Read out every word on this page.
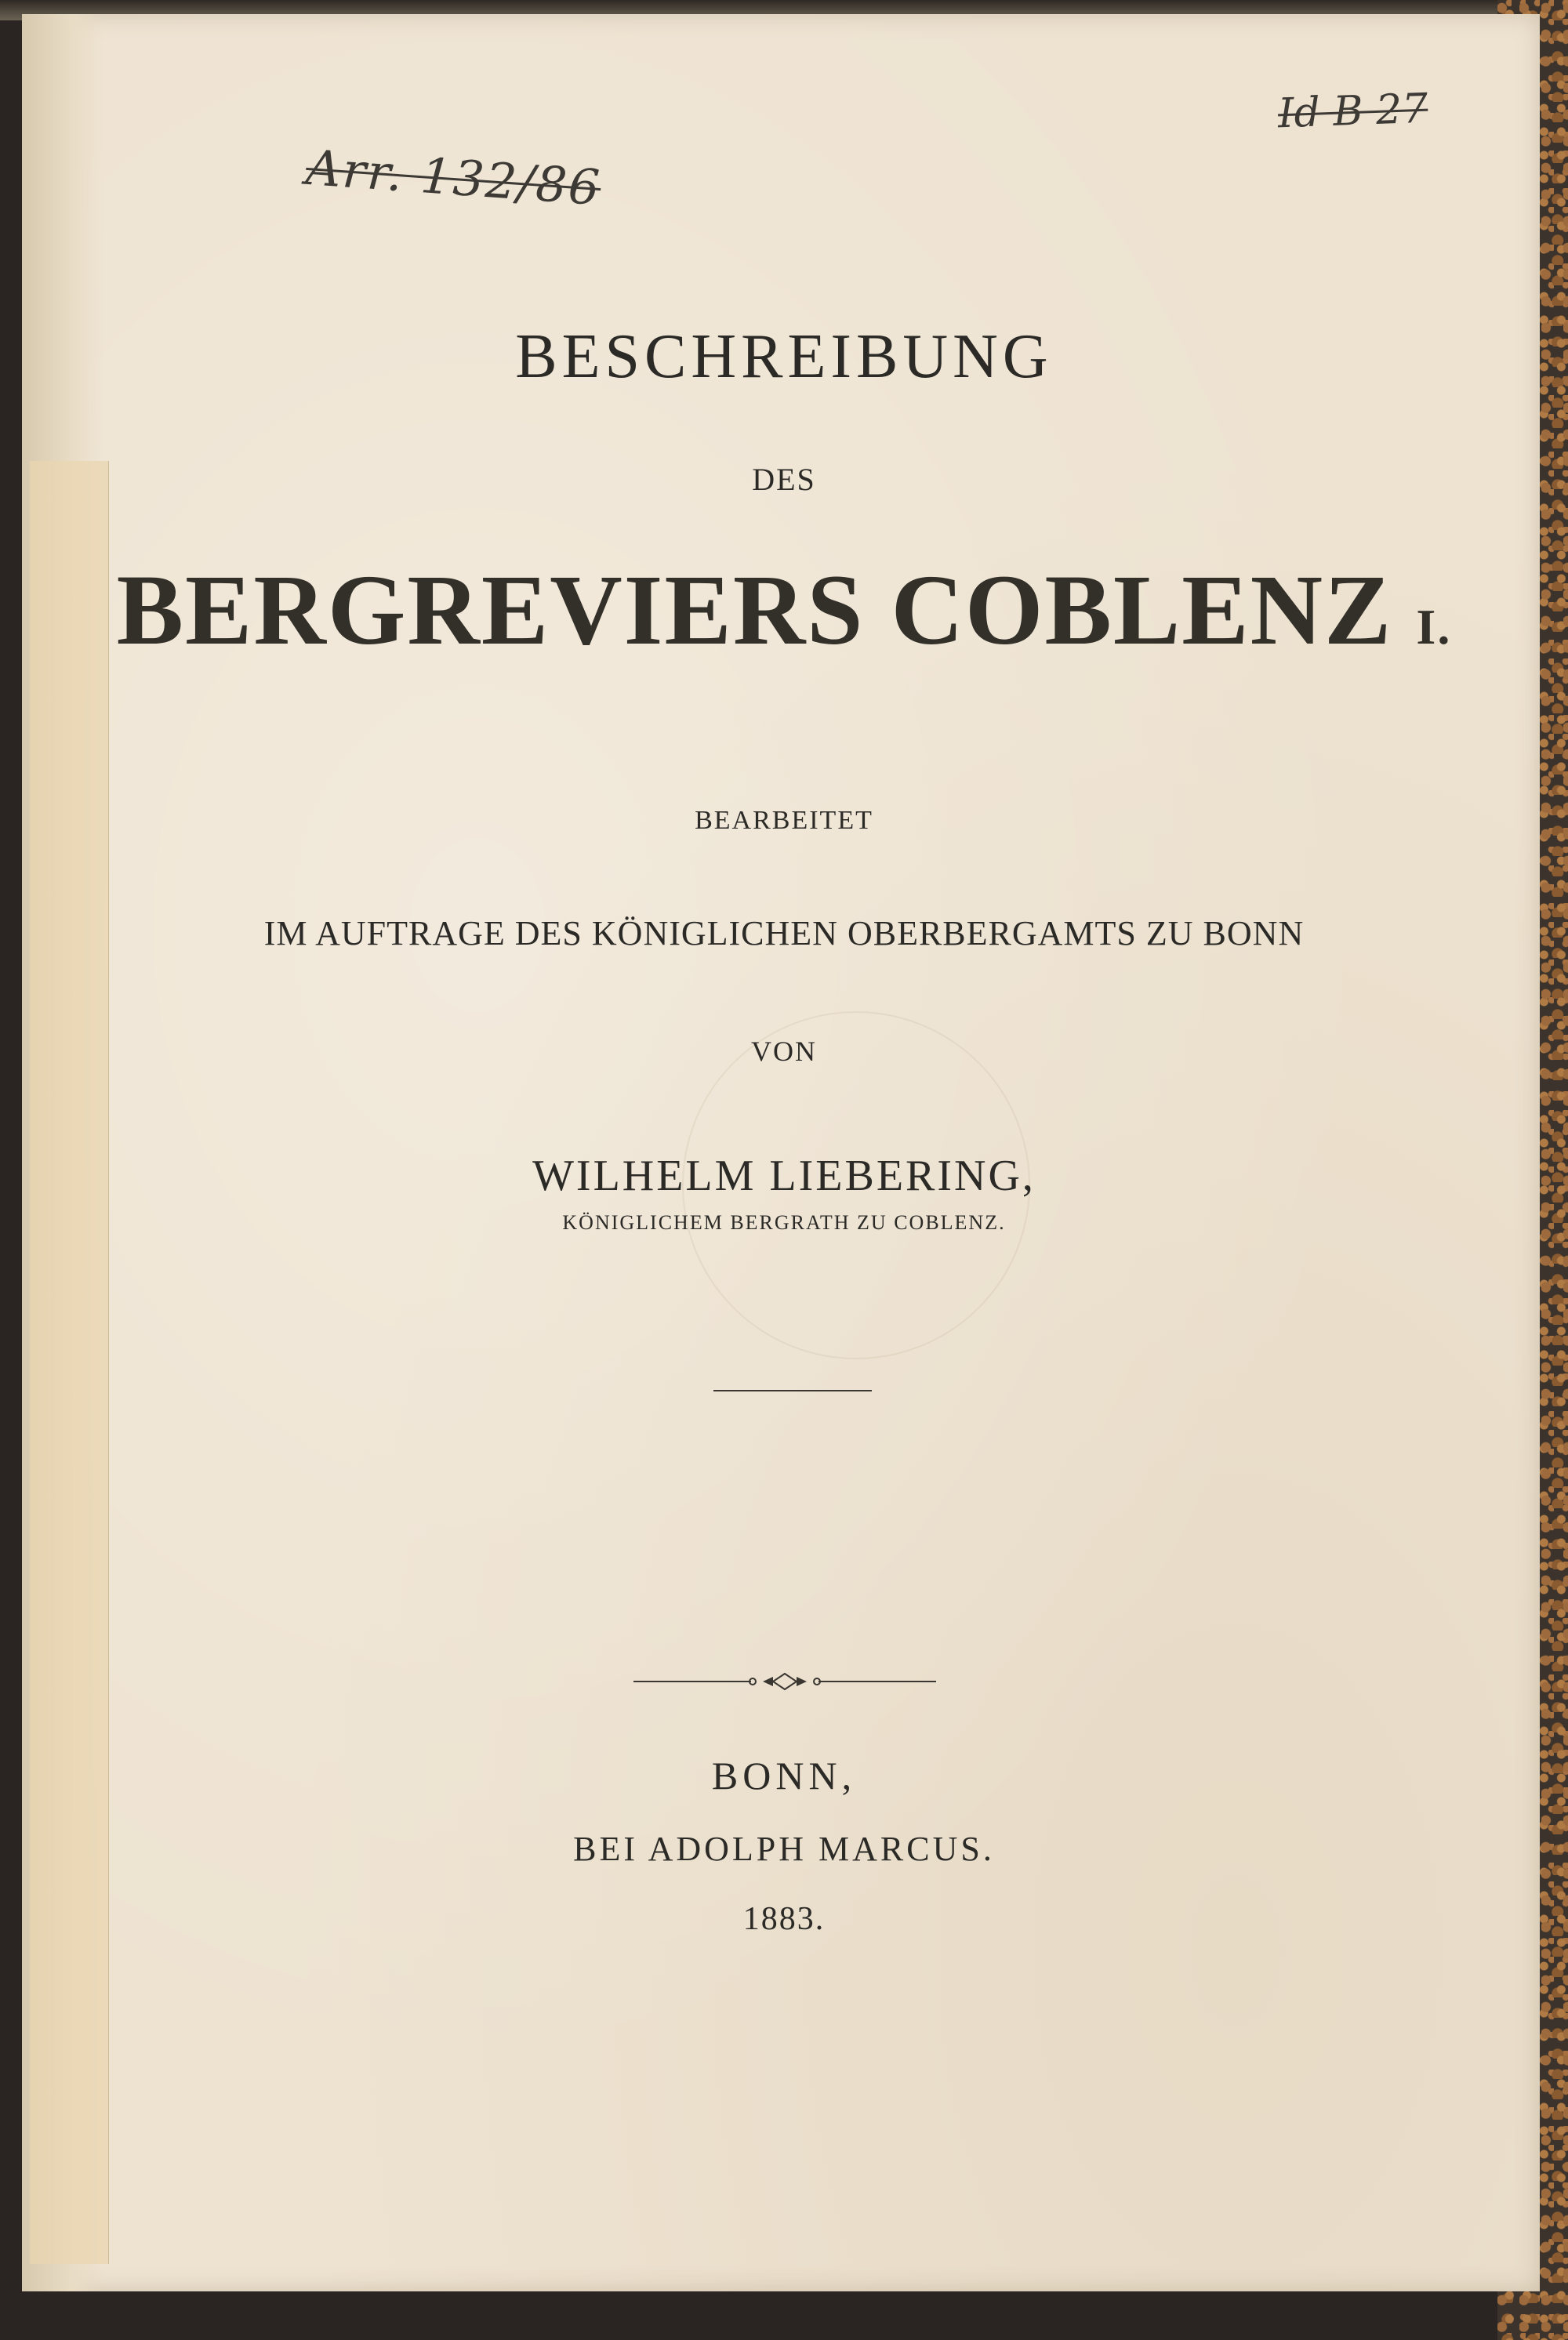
Arr. 132/86
Id B 27
BESCHREIBUNG
DES
BERGREVIERS COBLENZ I.
BEARBEITET
IM AUFTRAGE DES KÖNIGLICHEN OBERBERGAMTS ZU BONN
VON
WILHELM LIEBERING,
KÖNIGLICHEM BERGRATH ZU COBLENZ.
BONN,
BEI ADOLPH MARCUS.
1883.
